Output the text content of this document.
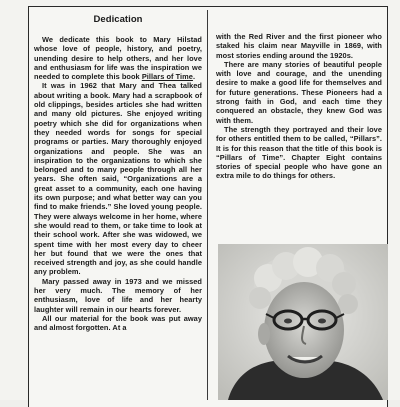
Dedication

We dedicate this book to Mary Hilstad whose love of people, history, and poetry, unending desire to help others, and her love and enthusiasm for life was the inspiration we needed to complete this book Pillars of Time.

It was in 1962 that Mary and Thea talked about writing a book. Mary had a scrapbook of old clippings, besides articles she had written and many old pictures. She enjoyed writing poetry which she did for organizations when they needed words for songs for special programs or parties. Mary thoroughly enjoyed organizations and people. She was an inspiration to the organizations to which she belonged and to many people through all her years. She often said, “Organizations are a great asset to a community, each one having its own purpose; and what better way can you find to make friends.” She loved young people. They were always welcome in her home, where she would read to them, or take time to look at their school work. After she was widowed, we spent time with her most every day to cheer her but found that we were the ones that received strength and joy, as she could handle any problem.

Mary passed away in 1973 and we missed her very much. The memory of her enthusiasm, love of life and her hearty laughter will remain in our hearts forever.

All our material for the book was put away and almost forgotten. At a

with the Red River and the first pioneer who staked his claim near Mayville in 1869, with most stories ending around the 1920s.

There are many stories of beautiful people with love and courage, and the unending desire to make a good life for themselves and for future generations. These Pioneers had a strong faith in God, and each time they conquered an obstacle, they knew God was with them.

The strength they portrayed and their love for others entitled them to be called, “Pillars”. It is for this reason that the title of this book is “Pillars of Time”. Chapter Eight contains stories of special people who have gone an extra mile to do things for others.
